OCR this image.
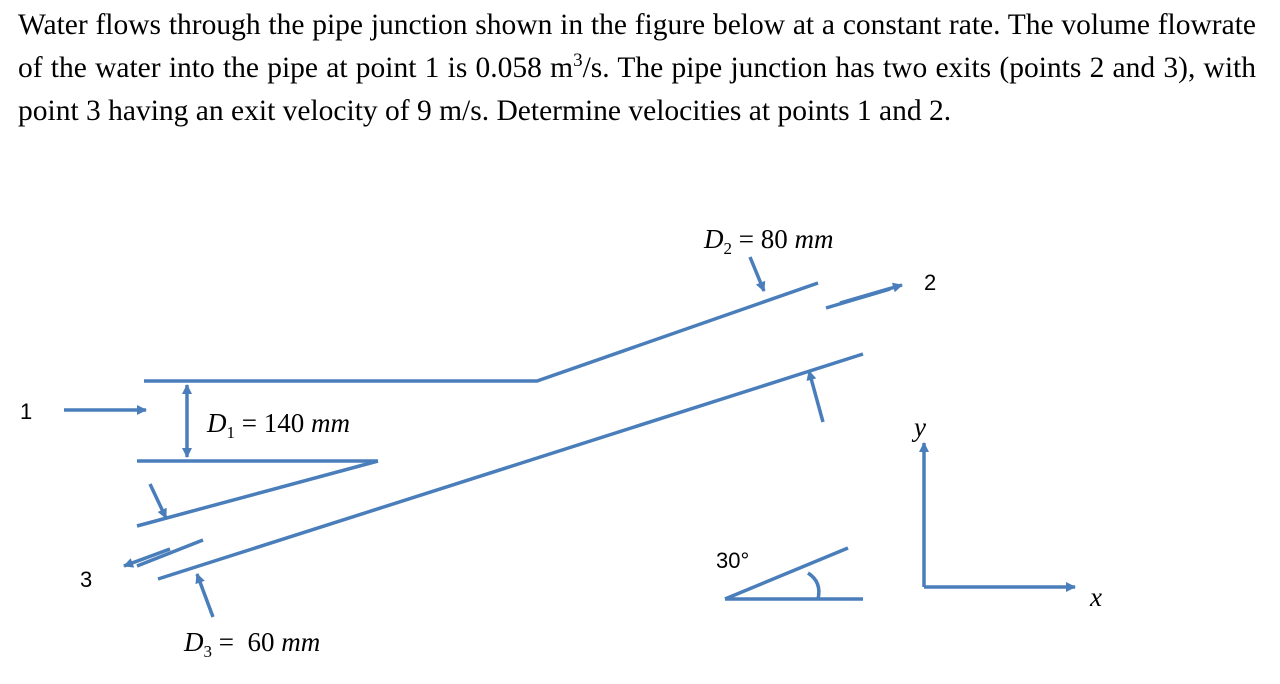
Water flows through the pipe junction shown in the figure below at a constant rate. The volume flowrate of the water into the pipe at point 1 is 0.058 $m^3/s$. The pipe junction has two exits (points 2 and 3), with point 3 having an exit velocity of 9 m/s. Determine velocities at points 1 and 2.
1
2
3
$D_1 = 140$ mm
$D_2 = 80$ mm
$D_3 = 60$ mm
30°
x
y
